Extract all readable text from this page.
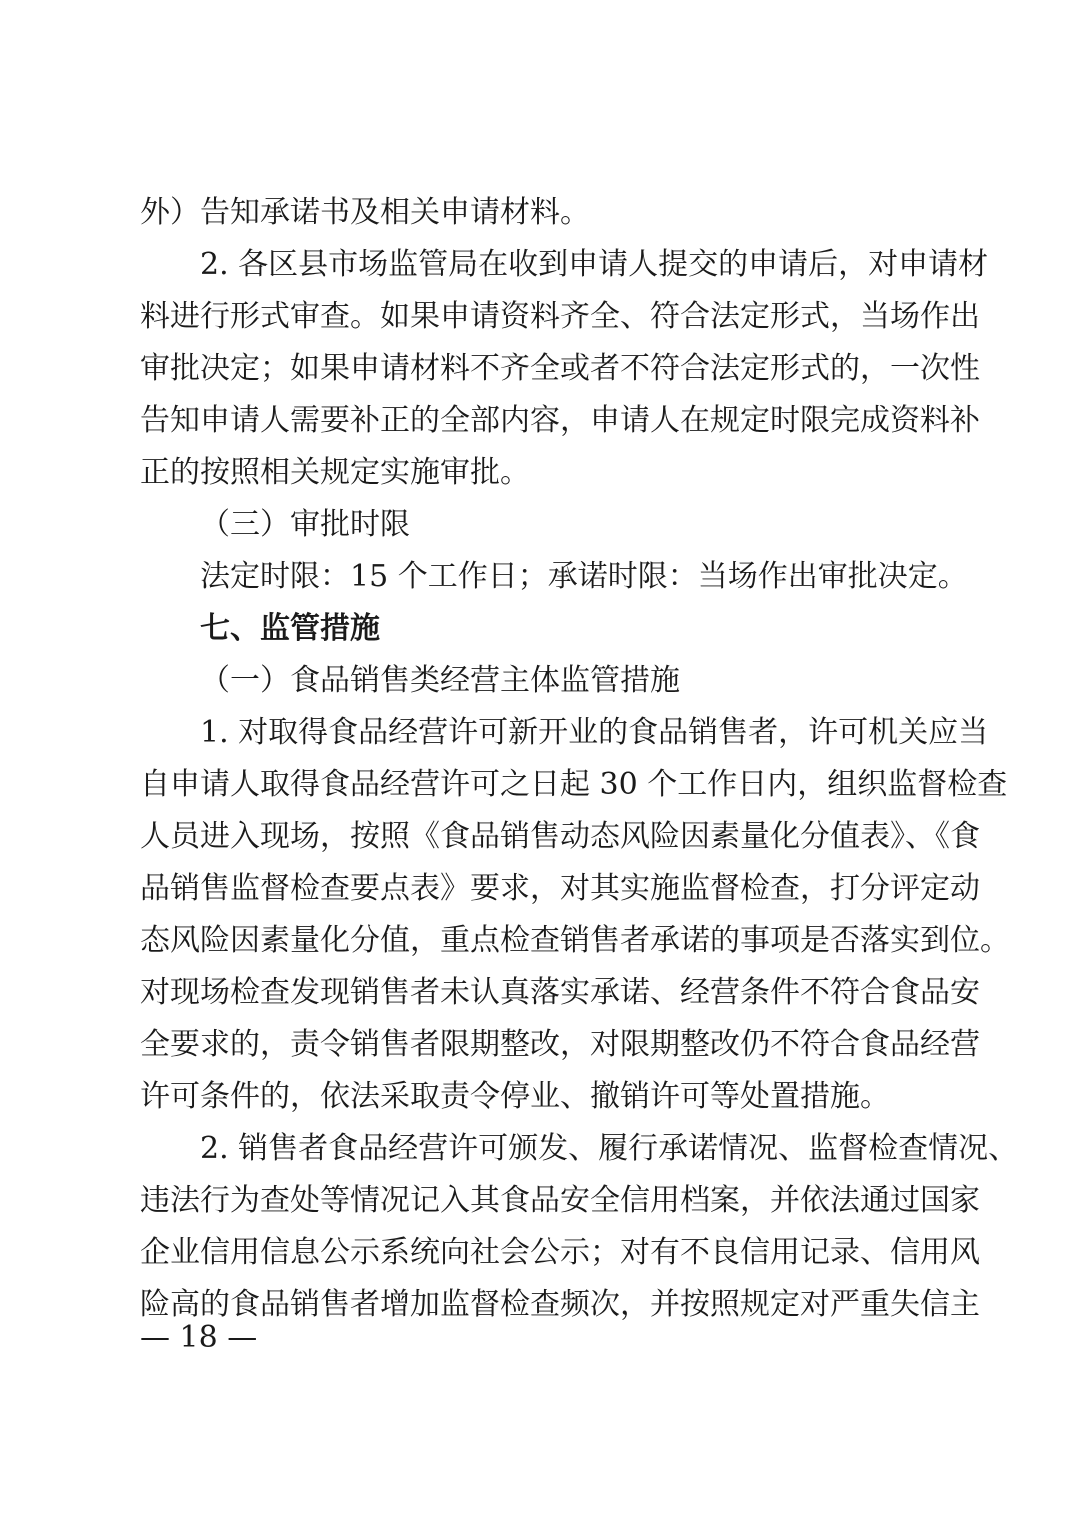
外）告知承诺书及相关申请材料。
2. 各区县市场监管局在收到申请人提交的申请后，对申请材
料进行形式审查。如果申请资料齐全、符合法定形式，当场作出
审批决定；如果申请材料不齐全或者不符合法定形式的，一次性
告知申请人需要补正的全部内容，申请人在规定时限完成资料补
正的按照相关规定实施审批。
（三）审批时限
法定时限：15 个工作日；承诺时限：当场作出审批决定。
七、监管措施
（一）食品销售类经营主体监管措施
1. 对取得食品经营许可新开业的食品销售者，许可机关应当
自申请人取得食品经营许可之日起 30 个工作日内，组织监督检查
人员进入现场，按照《食品销售动态风险因素量化分值表》、《食
品销售监督检查要点表》要求，对其实施监督检查，打分评定动
态风险因素量化分值，重点检查销售者承诺的事项是否落实到位。
对现场检查发现销售者未认真落实承诺、经营条件不符合食品安
全要求的，责令销售者限期整改，对限期整改仍不符合食品经营
许可条件的，依法采取责令停业、撤销许可等处置措施。
2. 销售者食品经营许可颁发、履行承诺情况、监督检查情况、
违法行为查处等情况记入其食品安全信用档案，并依法通过国家
企业信用信息公示系统向社会公示；对有不良信用记录、信用风
险高的食品销售者增加监督检查频次，并按照规定对严重失信主
— 18 —
